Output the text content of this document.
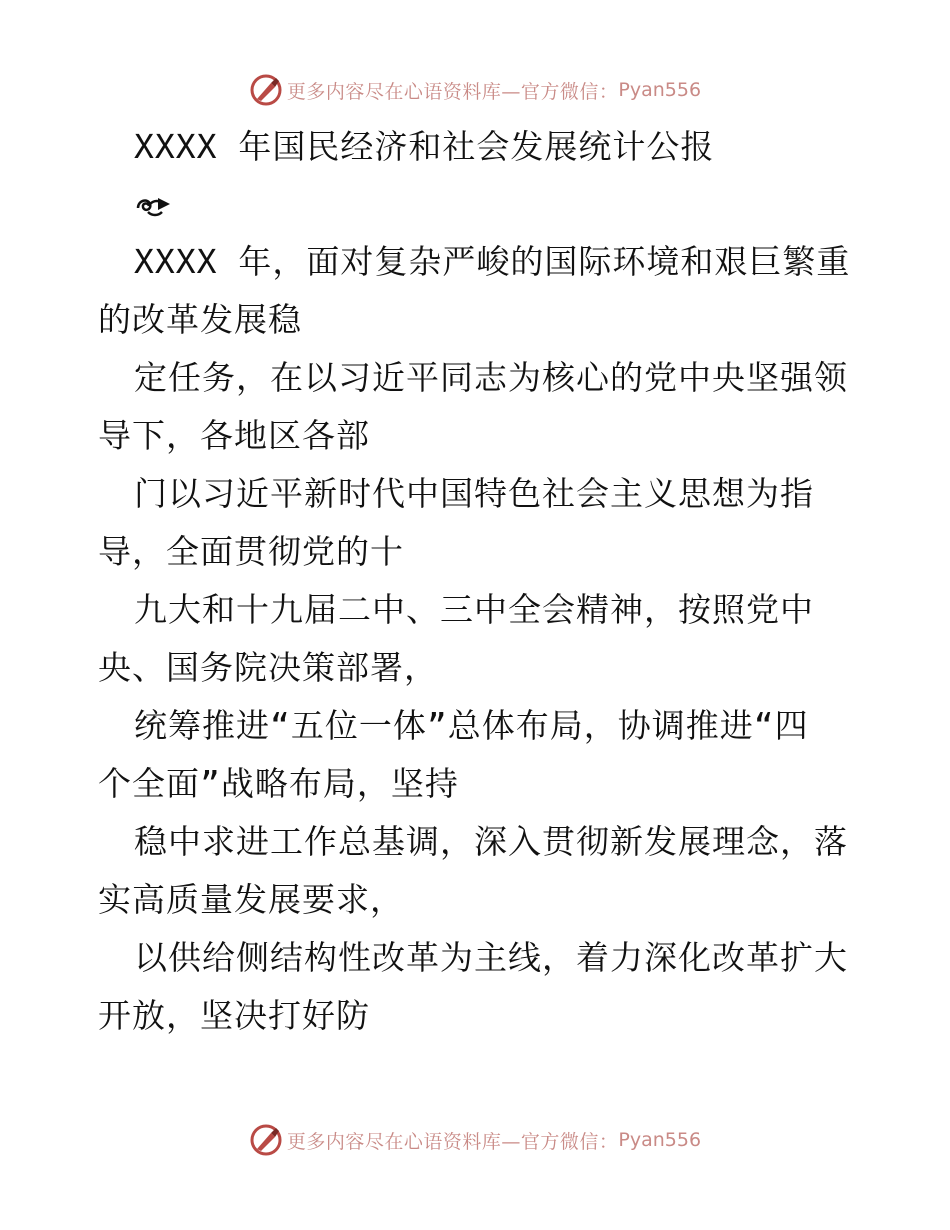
更多内容尽在心语资料库—官方微信： Pyan556
XXXX 年国民经济和社会发展统计公报
XXXX 年，面对复杂严峻的国际环境和艰巨繁重
的改革发展稳
定任务，在以习近平同志为核心的党中央坚强领
导下，各地区各部
门以习近平新时代中国特色社会主义思想为指
导，全面贯彻党的十
九大和十九届二中、三中全会精神，按照党中
央、国务院决策部署，
统筹推进“五位一体”总体布局，协调推进“四
个全面”战略布局，坚持
稳中求进工作总基调，深入贯彻新发展理念，落
实高质量发展要求，
以供给侧结构性改革为主线，着力深化改革扩大
开放，坚决打好防
更多内容尽在心语资料库—官方微信： Pyan556
